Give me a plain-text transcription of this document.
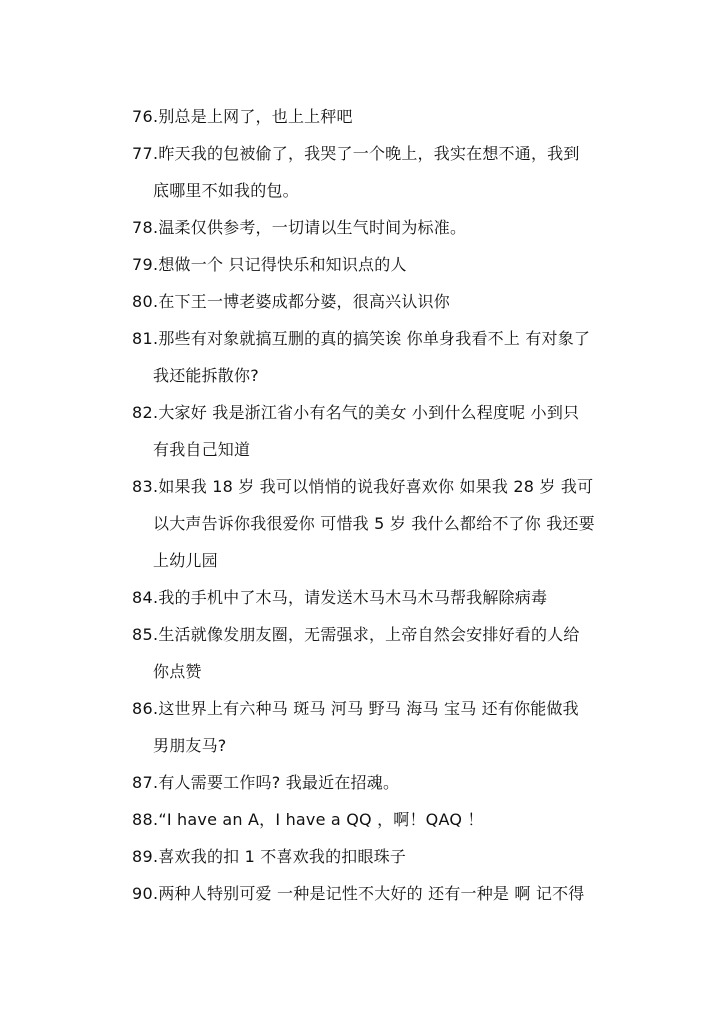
76.别总是上网了，也上上秤吧
77.昨天我的包被偷了，我哭了一个晚上，我实在想不通，我到
底哪里不如我的包。
78.温柔仅供参考，一切请以生气时间为标准。
79.想做一个 只记得快乐和知识点的人
80.在下王一博老婆成都分婆，很高兴认识你
81.那些有对象就搞互删的真的搞笑诶 你单身我看不上 有对象了
我还能拆散你?
82.大家好 我是浙江省小有名气的美女 小到什么程度呢 小到只
有我自己知道
83.如果我 18 岁 我可以悄悄的说我好喜欢你 如果我 28 岁 我可
以大声告诉你我很爱你 可惜我 5 岁 我什么都给不了你 我还要
上幼儿园
84.我的手机中了木马，请发送木马木马木马帮我解除病毒
85.生活就像发朋友圈，无需强求，上帝自然会安排好看的人给
你点赞
86.这世界上有六种马 斑马 河马 野马 海马 宝马 还有你能做我
男朋友马?
87.有人需要工作吗? 我最近在招魂。
88.“I have an A，I have a QQ ，啊！QAQ ！
89.喜欢我的扣 1 不喜欢我的扣眼珠子
90.两种人特别可爱 一种是记性不大好的 还有一种是 啊 记不得
